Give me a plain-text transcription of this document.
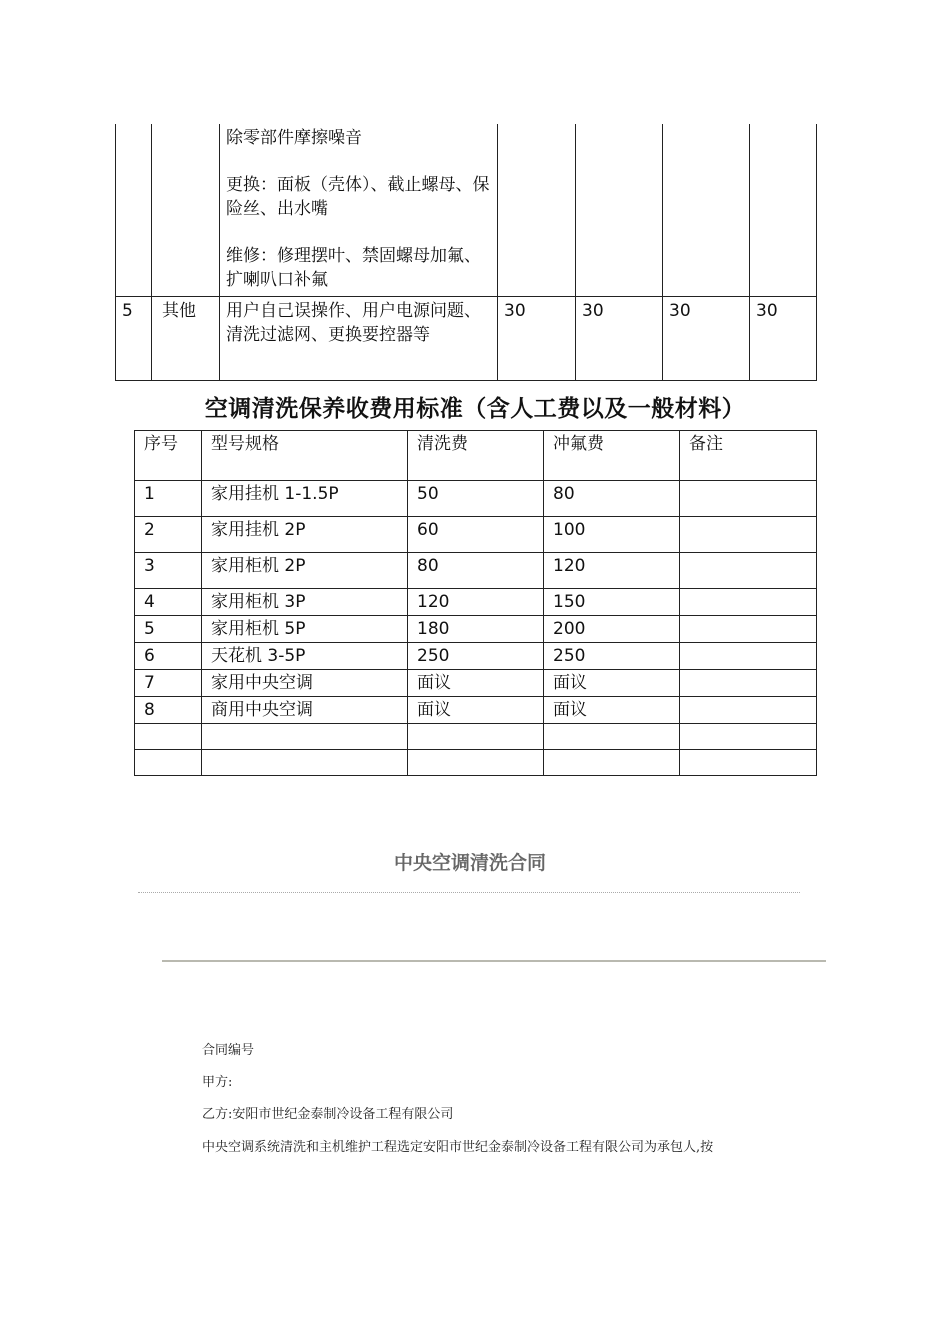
		除零部件摩擦噪音

更换：面板（壳体）、截止螺母、保险丝、出水嘴

维修：修理摆叶、禁固螺母加氟、扩喇叭口补氟				

5	其他	用户自己误操作、用户电源问题、清洗过滤网、更换要控器等	30	30	30	30
空调清洗保养收费用标准（含人工费以及一般材料）
序号	型号规格	清洗费	冲氟费	备注
1	家用挂机 1-1.5P	50	80	
2	家用挂机 2P	60	100	
3	家用柜机 2P	80	120	
4	家用柜机 3P	120	150	
5	家用柜机 5P	180	200	
6	天花机 3-5P	250	250	
7	家用中央空调	面议	面议	
8	商用中央空调	面议	面议	

中央空调清洗合同
合同编号
甲方:
乙方:安阳市世纪金泰制冷设备工程有限公司
中央空调系统清洗和主机维护工程选定安阳市世纪金泰制冷设备工程有限公司为承包人,按
